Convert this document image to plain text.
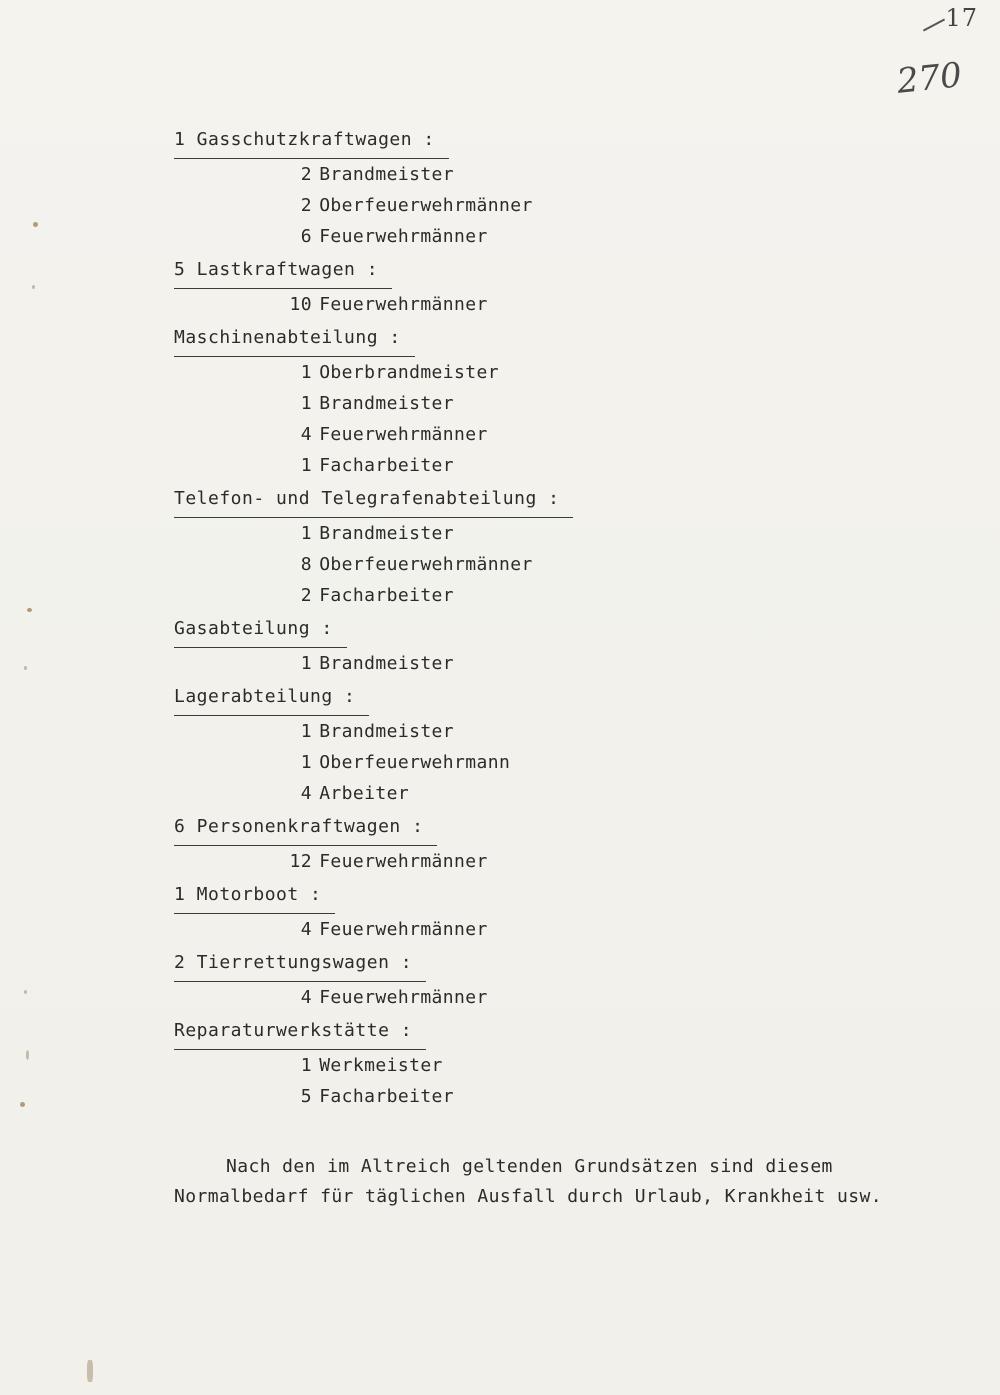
17
270
1 Gasschutzkraftwagen :
2 Brandmeister
2 Oberfeuerwehrmänner
6 Feuerwehrmänner
5 Lastkraftwagen :
10 Feuerwehrmänner
Maschinenabteilung :
1 Oberbrandmeister
1 Brandmeister
4 Feuerwehrmänner
1 Facharbeiter
Telefon- und Telegrafenabteilung :
1 Brandmeister
8 Oberfeuerwehrmänner
2 Facharbeiter
Gasabteilung :
1 Brandmeister
Lagerabteilung :
1 Brandmeister
1 Oberfeuerwehrmann
4 Arbeiter
6 Personenkraftwagen :
12 Feuerwehrmänner
1 Motorboot :
4 Feuerwehrmänner
2 Tierrettungswagen :
4 Feuerwehrmänner
Reparaturwerkstätte :
1 Werkmeister
5 Facharbeiter
Nach den im Altreich geltenden Grundsätzen sind diesem
Normalbedarf für täglichen Ausfall durch Urlaub, Krankheit usw.
